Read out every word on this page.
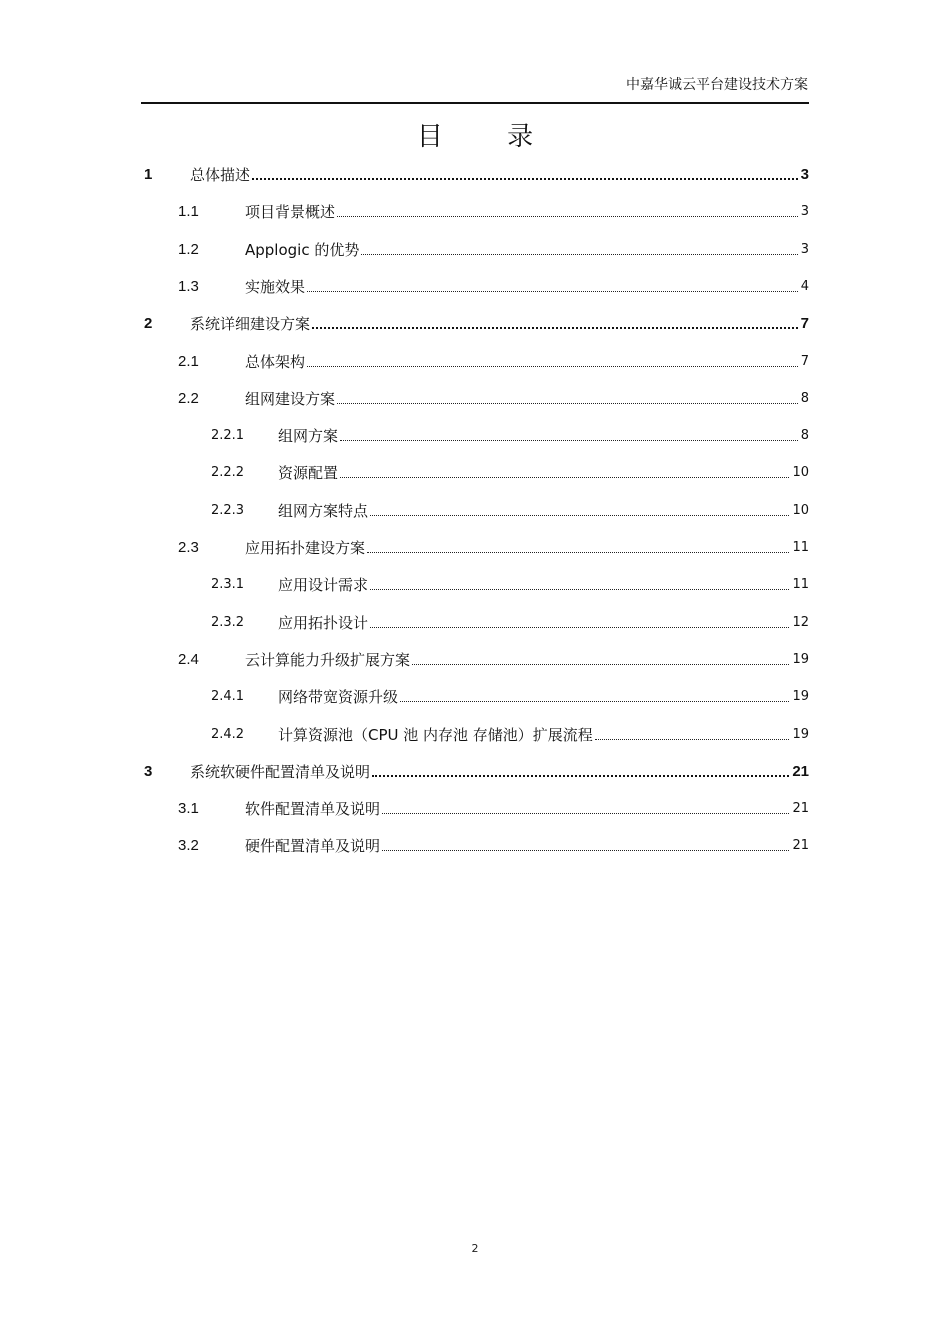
中嘉华诚云平台建设技术方案
目 录
1	总体描述	3
1.1	项目背景概述	3
1.2	Applogic 的优势	3
1.3	实施效果	4
2	系统详细建设方案	7
2.1	总体架构	7
2.2	组网建设方案	8
2.2.1 组网方案	8
2.2.2 资源配置	10
2.2.3 组网方案特点	10
2.3	应用拓扑建设方案	11
2.3.1 应用设计需求	11
2.3.2 应用拓扑设计	12
2.4	云计算能力升级扩展方案	19
2.4.1 网络带宽资源升级	19
2.4.2 计算资源池（CPU 池 内存池 存储池）扩展流程	19
3	系统软硬件配置清单及说明	21
3.1	软件配置清单及说明	21
3.2	硬件配置清单及说明	21
2
